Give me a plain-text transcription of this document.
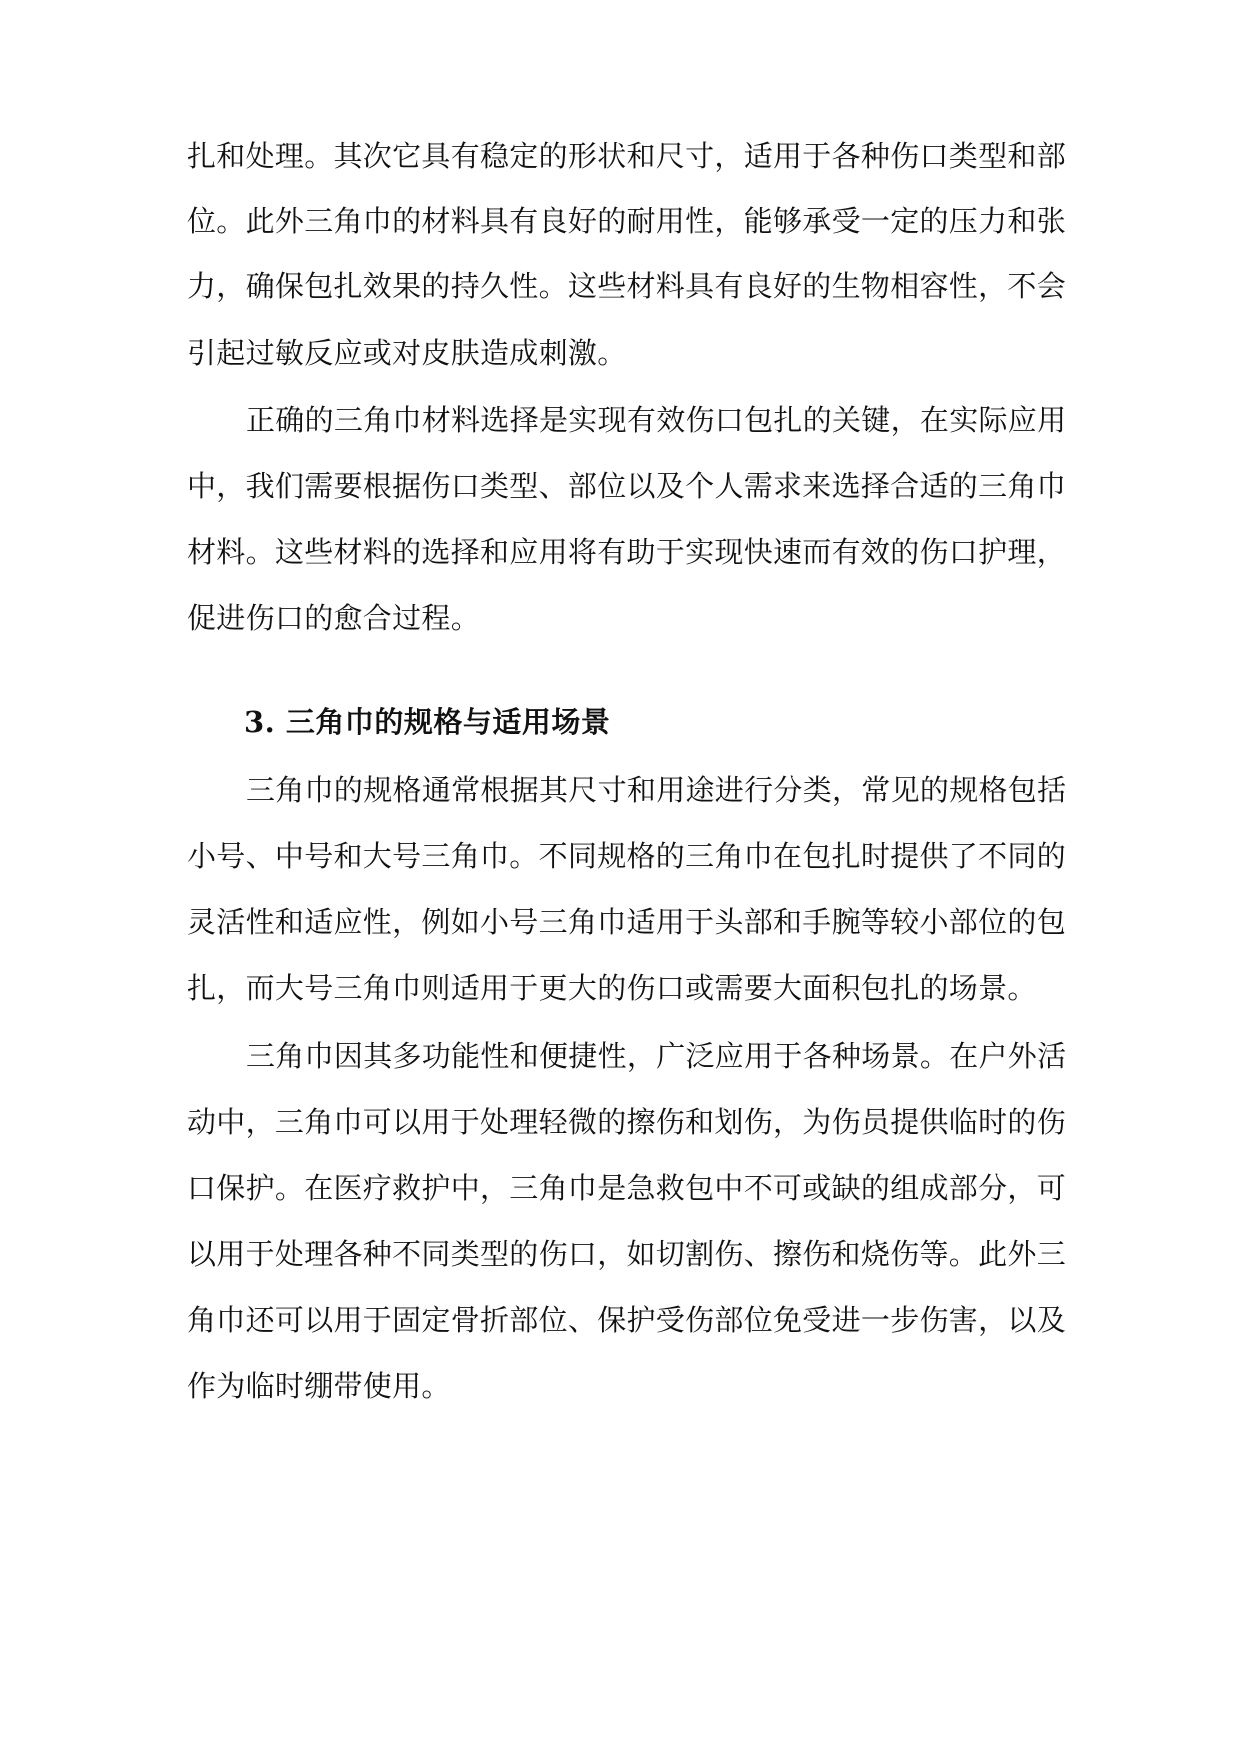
扎和处理。其次它具有稳定的形状和尺寸，适用于各种伤口类型和部
位。此外三角巾的材料具有良好的耐用性，能够承受一定的压力和张
力，确保包扎效果的持久性。这些材料具有良好的生物相容性，不会
引起过敏反应或对皮肤造成刺激。
正确的三角巾材料选择是实现有效伤口包扎的关键，在实际应用
中，我们需要根据伤口类型、部位以及个人需求来选择合适的三角巾
材料。这些材料的选择和应用将有助于实现快速而有效的伤口护理，
促进伤口的愈合过程。
3. 三角巾的规格与适用场景
三角巾的规格通常根据其尺寸和用途进行分类，常见的规格包括
小号、中号和大号三角巾。不同规格的三角巾在包扎时提供了不同的
灵活性和适应性，例如小号三角巾适用于头部和手腕等较小部位的包
扎，而大号三角巾则适用于更大的伤口或需要大面积包扎的场景。
三角巾因其多功能性和便捷性，广泛应用于各种场景。在户外活
动中，三角巾可以用于处理轻微的擦伤和划伤，为伤员提供临时的伤
口保护。在医疗救护中，三角巾是急救包中不可或缺的组成部分，可
以用于处理各种不同类型的伤口，如切割伤、擦伤和烧伤等。此外三
角巾还可以用于固定骨折部位、保护受伤部位免受进一步伤害，以及
作为临时绷带使用。
